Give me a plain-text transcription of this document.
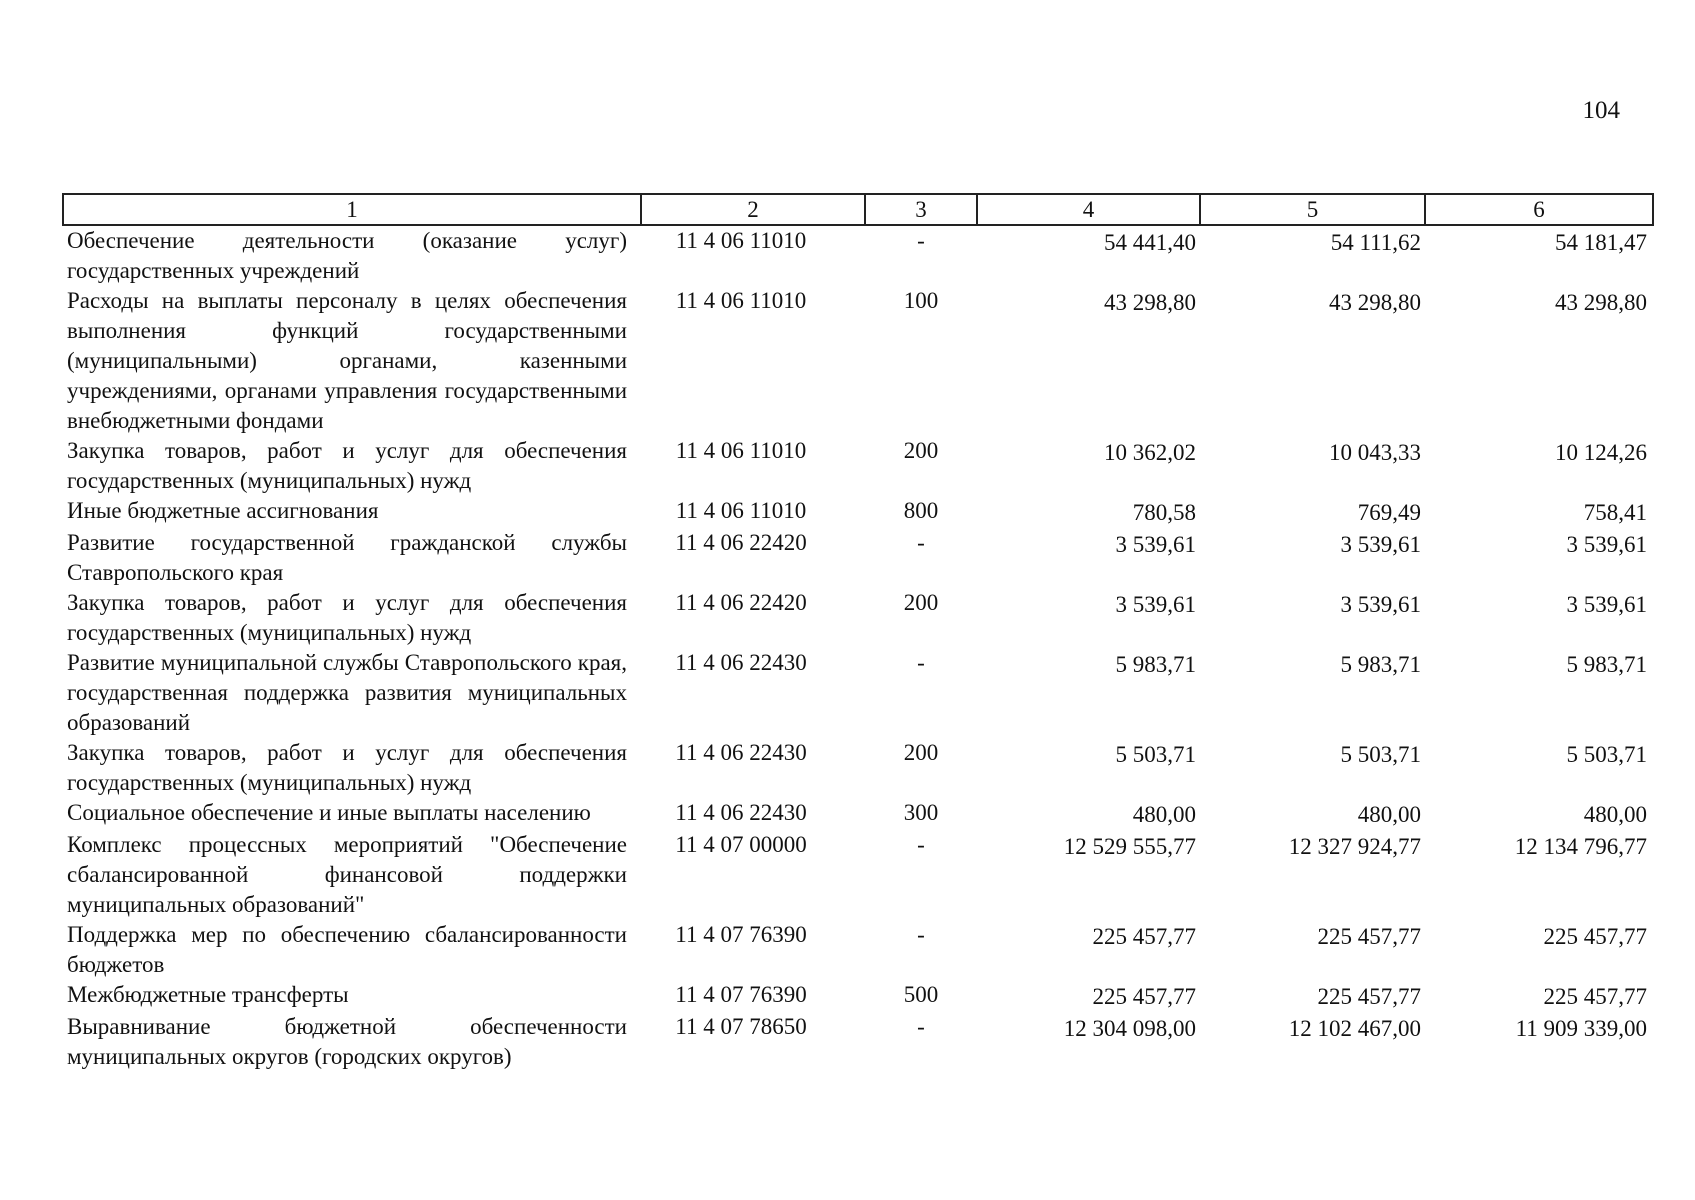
104
1	2	3	4	5	6
Обеспечение деятельности (оказание услуг) государственных учреждений	11 4 06 11010	-	54 441,40	54 111,62	54 181,47
Расходы на выплаты персоналу в целях обеспечения выполнения функций государственными (муниципальными) органами, казенными учреждениями, органами управления государственными внебюджетными фондами	11 4 06 11010	100	43 298,80	43 298,80	43 298,80
Закупка товаров, работ и услуг для обеспечения государственных (муниципальных) нужд	11 4 06 11010	200	10 362,02	10 043,33	10 124,26
Иные бюджетные ассигнования	11 4 06 11010	800	780,58	769,49	758,41
Развитие государственной гражданской службы Ставропольского края	11 4 06 22420	-	3 539,61	3 539,61	3 539,61
Закупка товаров, работ и услуг для обеспечения государственных (муниципальных) нужд	11 4 06 22420	200	3 539,61	3 539,61	3 539,61
Развитие муниципальной службы Ставропольского края, государственная поддержка развития муниципальных образований	11 4 06 22430	-	5 983,71	5 983,71	5 983,71
Закупка товаров, работ и услуг для обеспечения государственных (муниципальных) нужд	11 4 06 22430	200	5 503,71	5 503,71	5 503,71
Социальное обеспечение и иные выплаты населению	11 4 06 22430	300	480,00	480,00	480,00
Комплекс процессных мероприятий "Обеспечение сбалансированной финансовой поддержки муниципальных образований"	11 4 07 00000	-	12 529 555,77	12 327 924,77	12 134 796,77
Поддержка мер по обеспечению сбалансированности бюджетов	11 4 07 76390	-	225 457,77	225 457,77	225 457,77
Межбюджетные трансферты	11 4 07 76390	500	225 457,77	225 457,77	225 457,77
Выравнивание бюджетной обеспеченности муниципальных округов (городских округов)	11 4 07 78650	-	12 304 098,00	12 102 467,00	11 909 339,00
